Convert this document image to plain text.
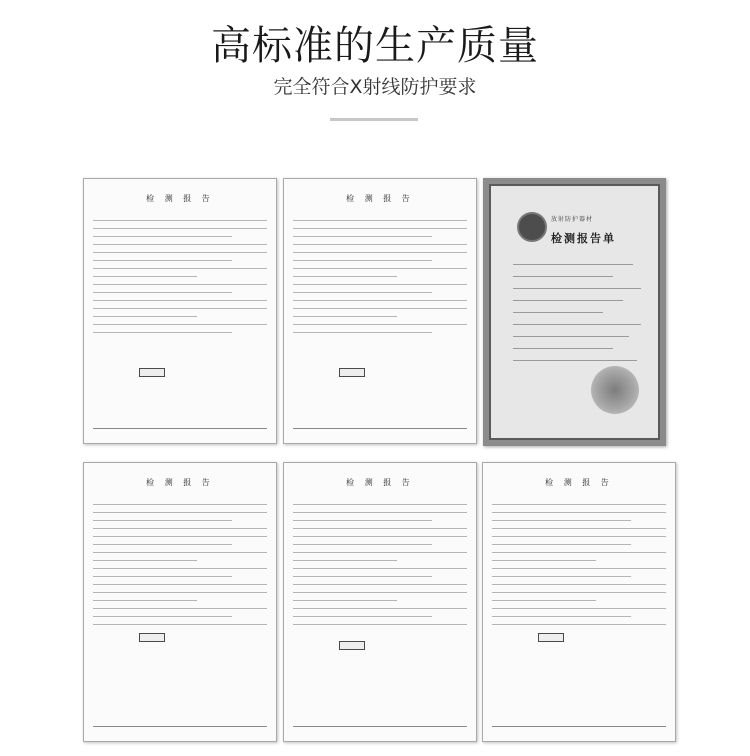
高标准的生产质量
完全符合X射线防护要求
检 测 报 告	检 测 报 告
放射防护器材
检测报告单
检 测 报 告	检 测 报 告	检 测 报 告
